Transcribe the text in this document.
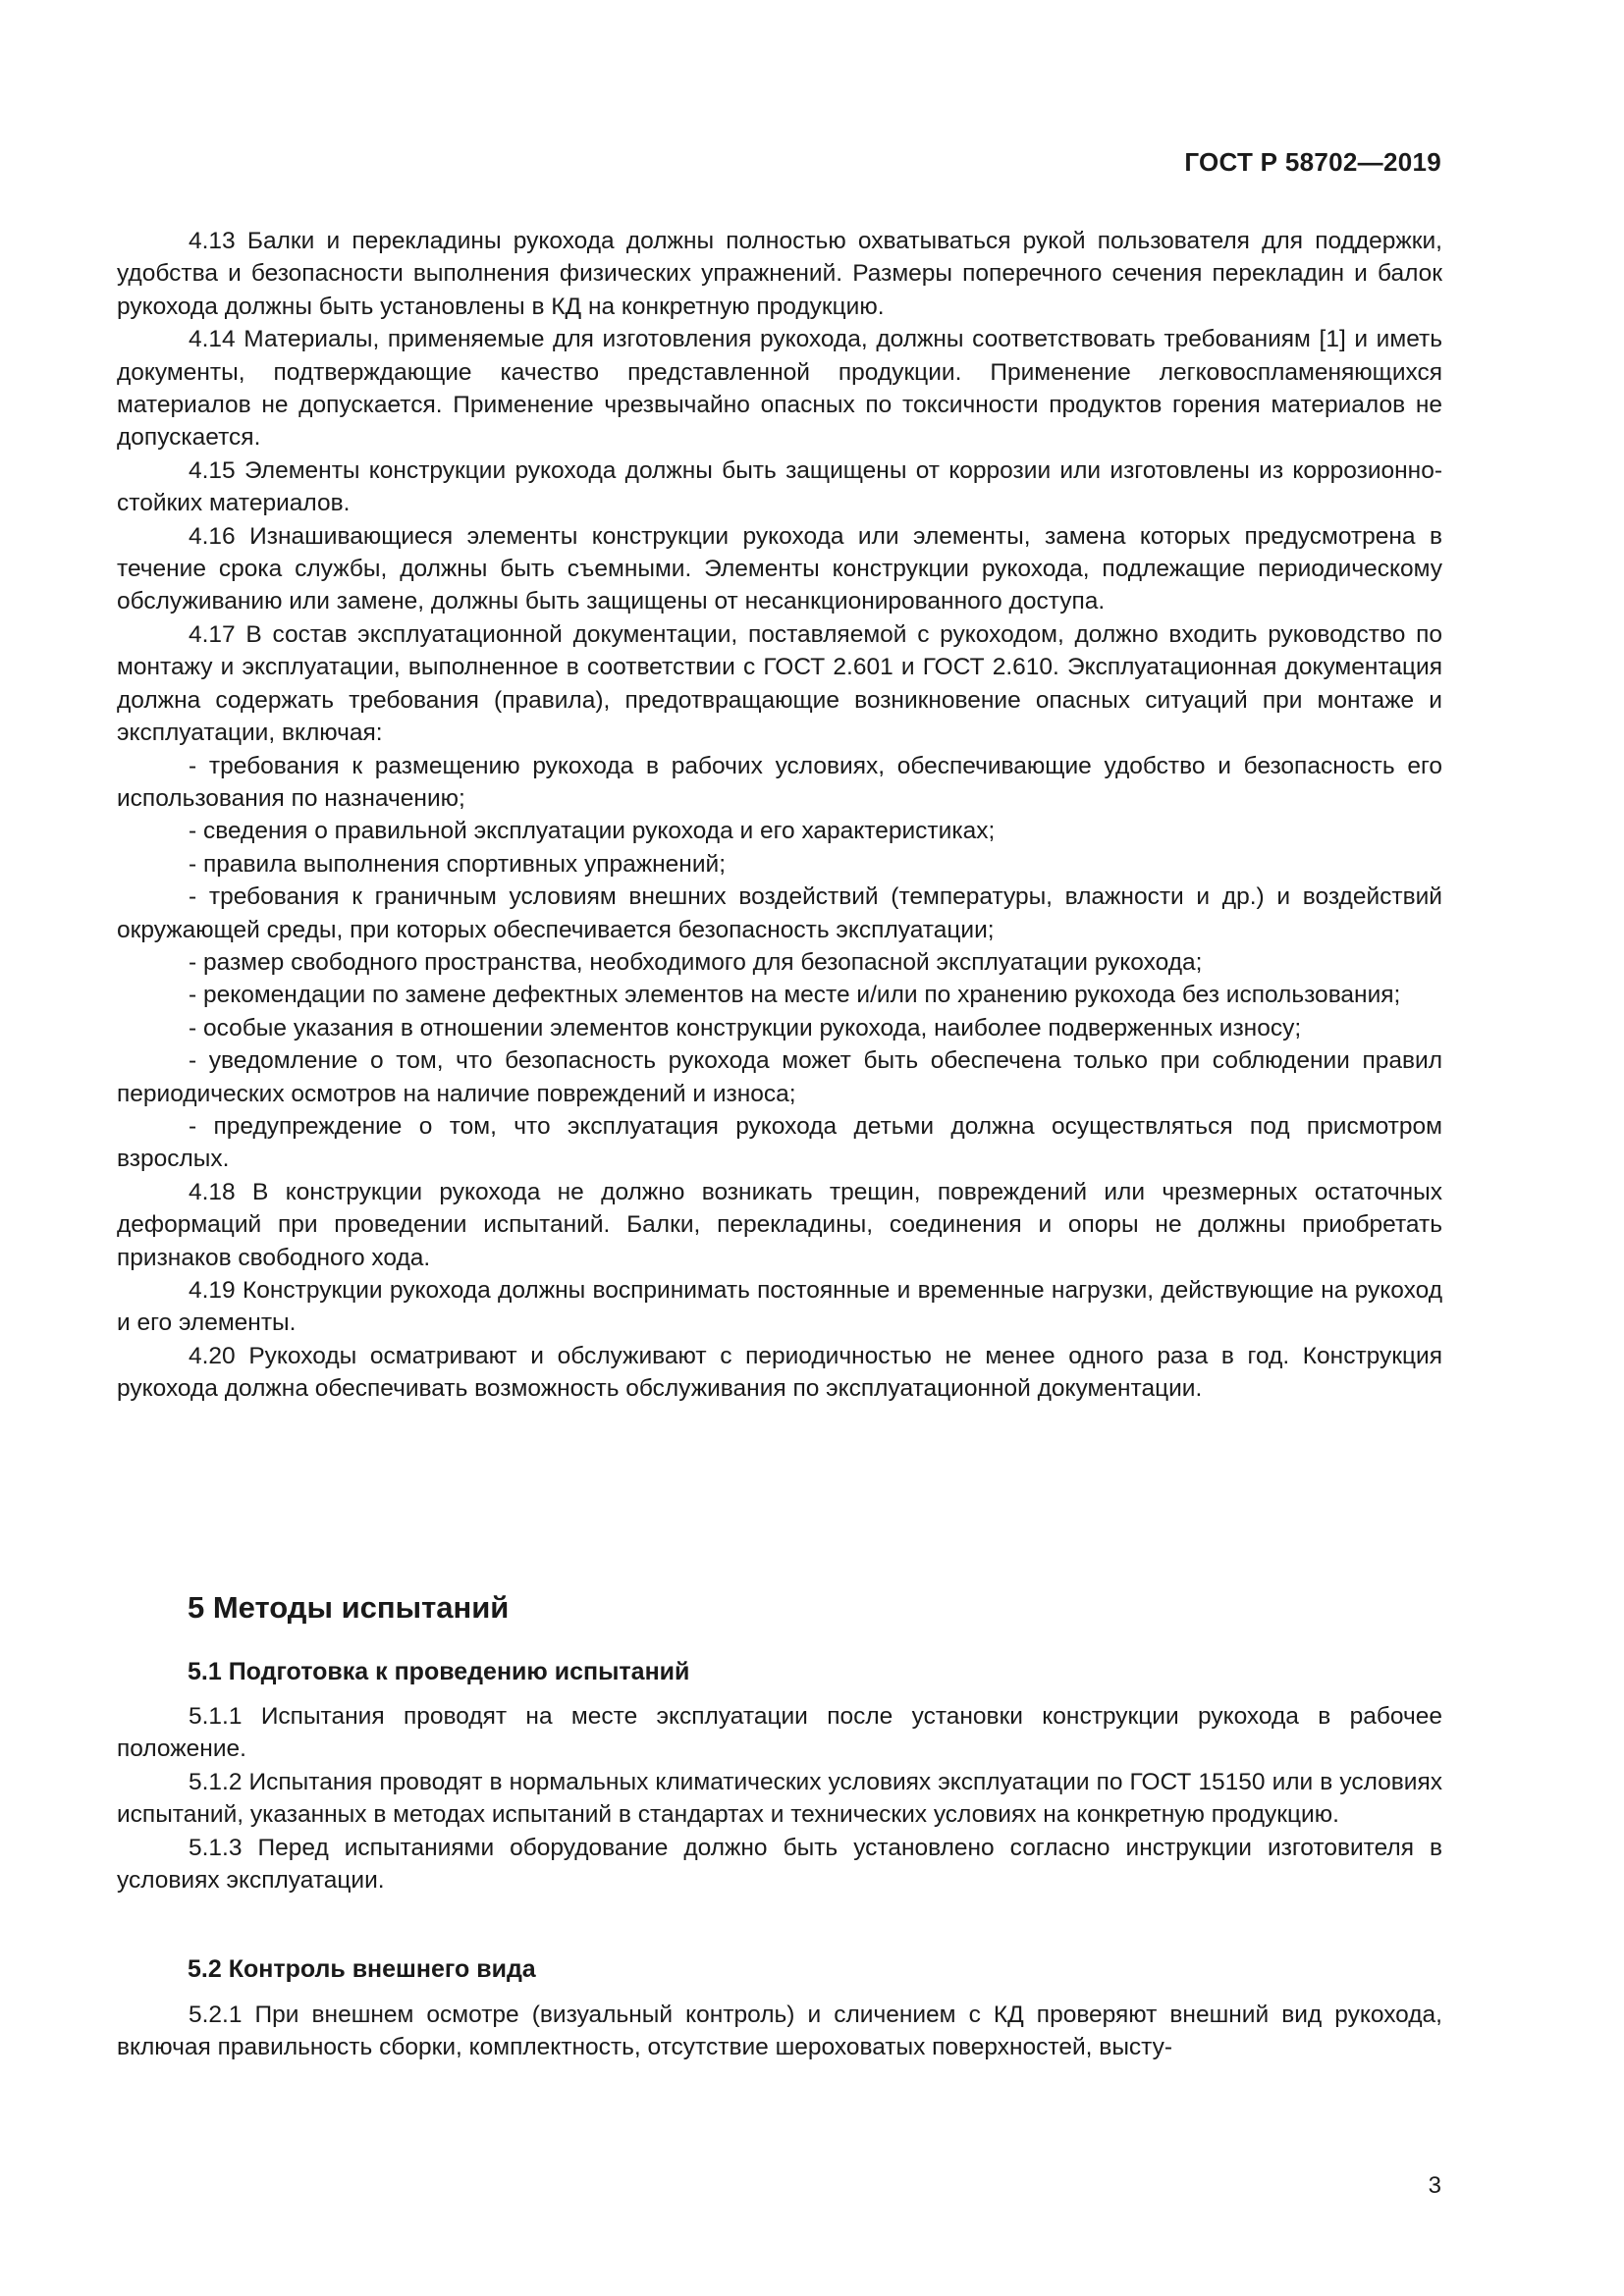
ГОСТ Р 58702—2019

4.13 Балки и перекладины рукохода должны полностью охватываться рукой пользователя для поддержки, удобства и безопасности выполнения физических упражнений. Размеры поперечного сечения перекладин и балок рукохода должны быть установлены в КД на конкретную продукцию.

4.14 Материалы, применяемые для изготовления рукохода, должны соответствовать требованиям [1] и иметь документы, подтверждающие качество представленной продукции. Применение легковоспламеняющихся материалов не допускается. Применение чрезвычайно опасных по токсичности продуктов горения материалов не допускается.

4.15 Элементы конструкции рукохода должны быть защищены от коррозии или изготовлены из коррозионно-стойких материалов.

4.16 Изнашивающиеся элементы конструкции рукохода или элементы, замена которых предусмотрена в течение срока службы, должны быть съемными. Элементы конструкции рукохода, подлежащие периодическому обслуживанию или замене, должны быть защищены от несанкционированного доступа.

4.17 В состав эксплуатационной документации, поставляемой с рукоходом, должно входить руководство по монтажу и эксплуатации, выполненное в соответствии с ГОСТ 2.601 и ГОСТ 2.610. Эксплуатационная документация должна содержать требования (правила), предотвращающие возникновение опасных ситуаций при монтаже и эксплуатации, включая:

- требования к размещению рукохода в рабочих условиях, обеспечивающие удобство и безопасность его использования по назначению;

- сведения о правильной эксплуатации рукохода и его характеристиках;

- правила выполнения спортивных упражнений;

- требования к граничным условиям внешних воздействий (температуры, влажности и др.) и воздействий окружающей среды, при которых обеспечивается безопасность эксплуатации;

- размер свободного пространства, необходимого для безопасной эксплуатации рукохода;

- рекомендации по замене дефектных элементов на месте и/или по хранению рукохода без использования;

- особые указания в отношении элементов конструкции рукохода, наиболее подверженных износу;

- уведомление о том, что безопасность рукохода может быть обеспечена только при соблюдении правил периодических осмотров на наличие повреждений и износа;

- предупреждение о том, что эксплуатация рукохода детьми должна осуществляться под присмотром взрослых.

4.18 В конструкции рукохода не должно возникать трещин, повреждений или чрезмерных остаточных деформаций при проведении испытаний. Балки, перекладины, соединения и опоры не должны приобретать признаков свободного хода.

4.19 Конструкции рукохода должны воспринимать постоянные и временные нагрузки, действующие на рукоход и его элементы.

4.20 Рукоходы осматривают и обслуживают с периодичностью не менее одного раза в год. Конструкция рукохода должна обеспечивать возможность обслуживания по эксплуатационной документации.

5 Методы испытаний
5.1 Подготовка к проведению испытаний

5.1.1 Испытания проводят на месте эксплуатации после установки конструкции рукохода в рабочее положение.

5.1.2 Испытания проводят в нормальных климатических условиях эксплуатации по ГОСТ 15150 или в условиях испытаний, указанных в методах испытаний в стандартах и технических условиях на конкретную продукцию.

5.1.3 Перед испытаниями оборудование должно быть установлено согласно инструкции изготовителя в условиях эксплуатации.

5.2 Контроль внешнего вида

5.2.1 При внешнем осмотре (визуальный контроль) и сличением с КД проверяют внешний вид рукохода, включая правильность сборки, комплектность, отсутствие шероховатых поверхностей, высту-

3
